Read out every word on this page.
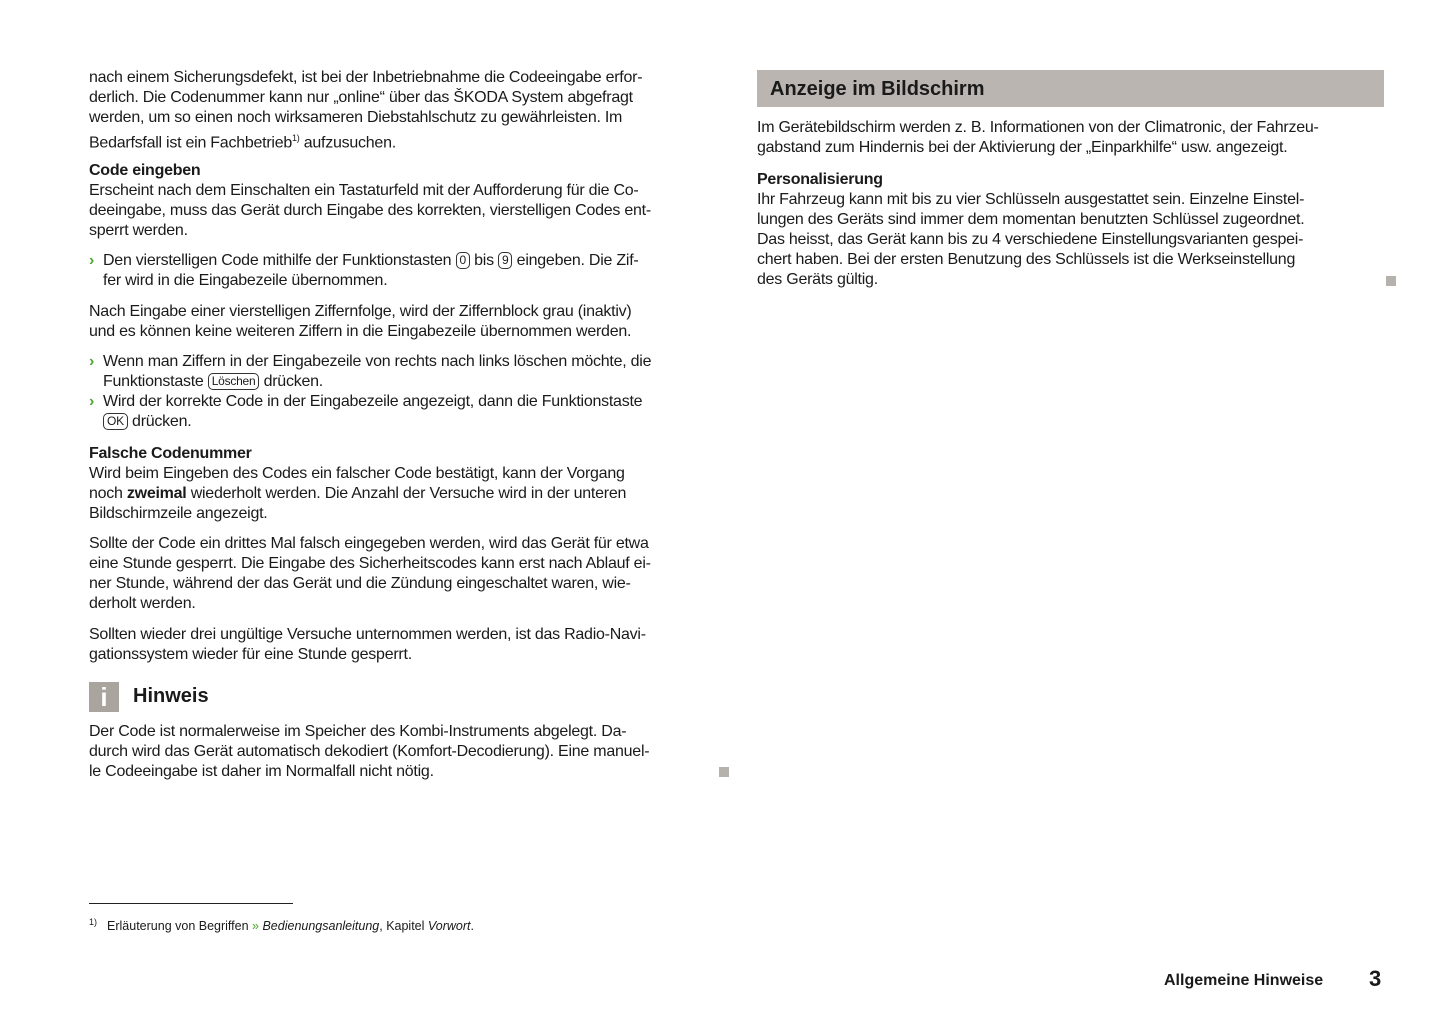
nach einem Sicherungsdefekt, ist bei der Inbetriebnahme die Codeeingabe erfor-
derlich. Die Codenummer kann nur „online“ über das ŠKODA System abgefragt
werden, um so einen noch wirksameren Diebstahlschutz zu gewährleisten. Im
Bedarfsfall ist ein Fachbetrieb$^{1)}$ aufzusuchen.
Code eingeben
Erscheint nach dem Einschalten ein Tastaturfeld mit der Aufforderung für die Co-
deeingabe, muss das Gerät durch Eingabe des korrekten, vierstelligen Codes ent-
sperrt werden.
› Den vierstelligen Code mithilfe der Funktionstasten 0 bis 9 eingeben. Die Zif-
fer wird in die Eingabezeile übernommen.
Nach Eingabe einer vierstelligen Ziffernfolge, wird der Ziffernblock grau (inaktiv)
und es können keine weiteren Ziffern in die Eingabezeile übernommen werden.
› Wenn man Ziffern in der Eingabezeile von rechts nach links löschen möchte, die
Funktionstaste Löschen drücken.
› Wird der korrekte Code in der Eingabezeile angezeigt, dann die Funktionstaste
OK drücken.
Falsche Codenummer
Wird beim Eingeben des Codes ein falscher Code bestätigt, kann der Vorgang
noch zweimal wiederholt werden. Die Anzahl der Versuche wird in der unteren
Bildschirmzeile angezeigt.
Sollte der Code ein drittes Mal falsch eingegeben werden, wird das Gerät für etwa
eine Stunde gesperrt. Die Eingabe des Sicherheitscodes kann erst nach Ablauf ei-
ner Stunde, während der das Gerät und die Zündung eingeschaltet waren, wie-
derholt werden.
Sollten wieder drei ungültige Versuche unternommen werden, ist das Radio-Navi-
gationssystem wieder für eine Stunde gesperrt.
i	Hinweis
Der Code ist normalerweise im Speicher des Kombi-Instruments abgelegt. Da-
durch wird das Gerät automatisch dekodiert (Komfort-Decodierung). Eine manuel-
le Codeeingabe ist daher im Normalfall nicht nötig.
Anzeige im Bildschirm
Im Gerätebildschirm werden z. B. Informationen von der Climatronic, der Fahrzeu-
gabstand zum Hindernis bei der Aktivierung der „Einparkhilfe“ usw. angezeigt.
Personalisierung
Ihr Fahrzeug kann mit bis zu vier Schlüsseln ausgestattet sein. Einzelne Einstel-
lungen des Geräts sind immer dem momentan benutzten Schlüssel zugeordnet.
Das heisst, das Gerät kann bis zu 4 verschiedene Einstellungsvarianten gespei-
chert haben. Bei der ersten Benutzung des Schlüssels ist die Werkseinstellung
des Geräts gültig.
$^{1)}$ Erläuterung von Begriffen » Bedienungsanleitung, Kapitel Vorwort.
Allgemeine Hinweise 3
